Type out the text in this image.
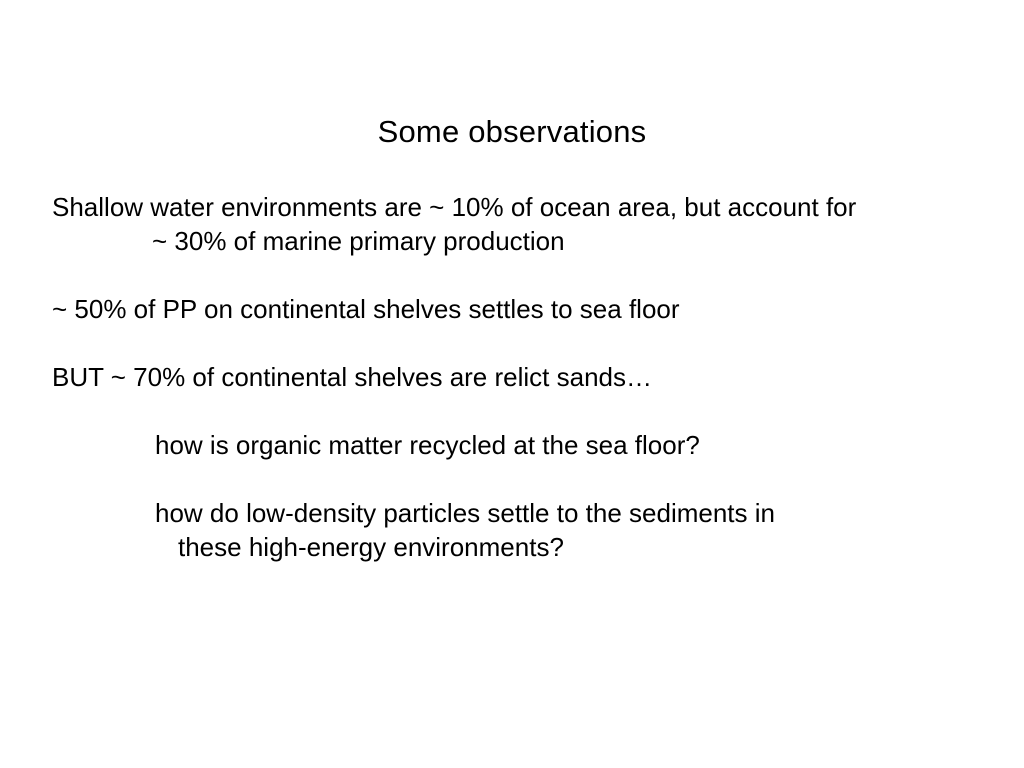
Some observations
Shallow water environments are ~ 10% of ocean area, but account for
~ 30% of marine primary production
~ 50% of PP on continental shelves settles to sea floor
BUT ~ 70% of continental shelves are relict sands…
how is organic matter recycled at the sea floor?
how do low-density particles settle to the sediments in
these high-energy environments?
